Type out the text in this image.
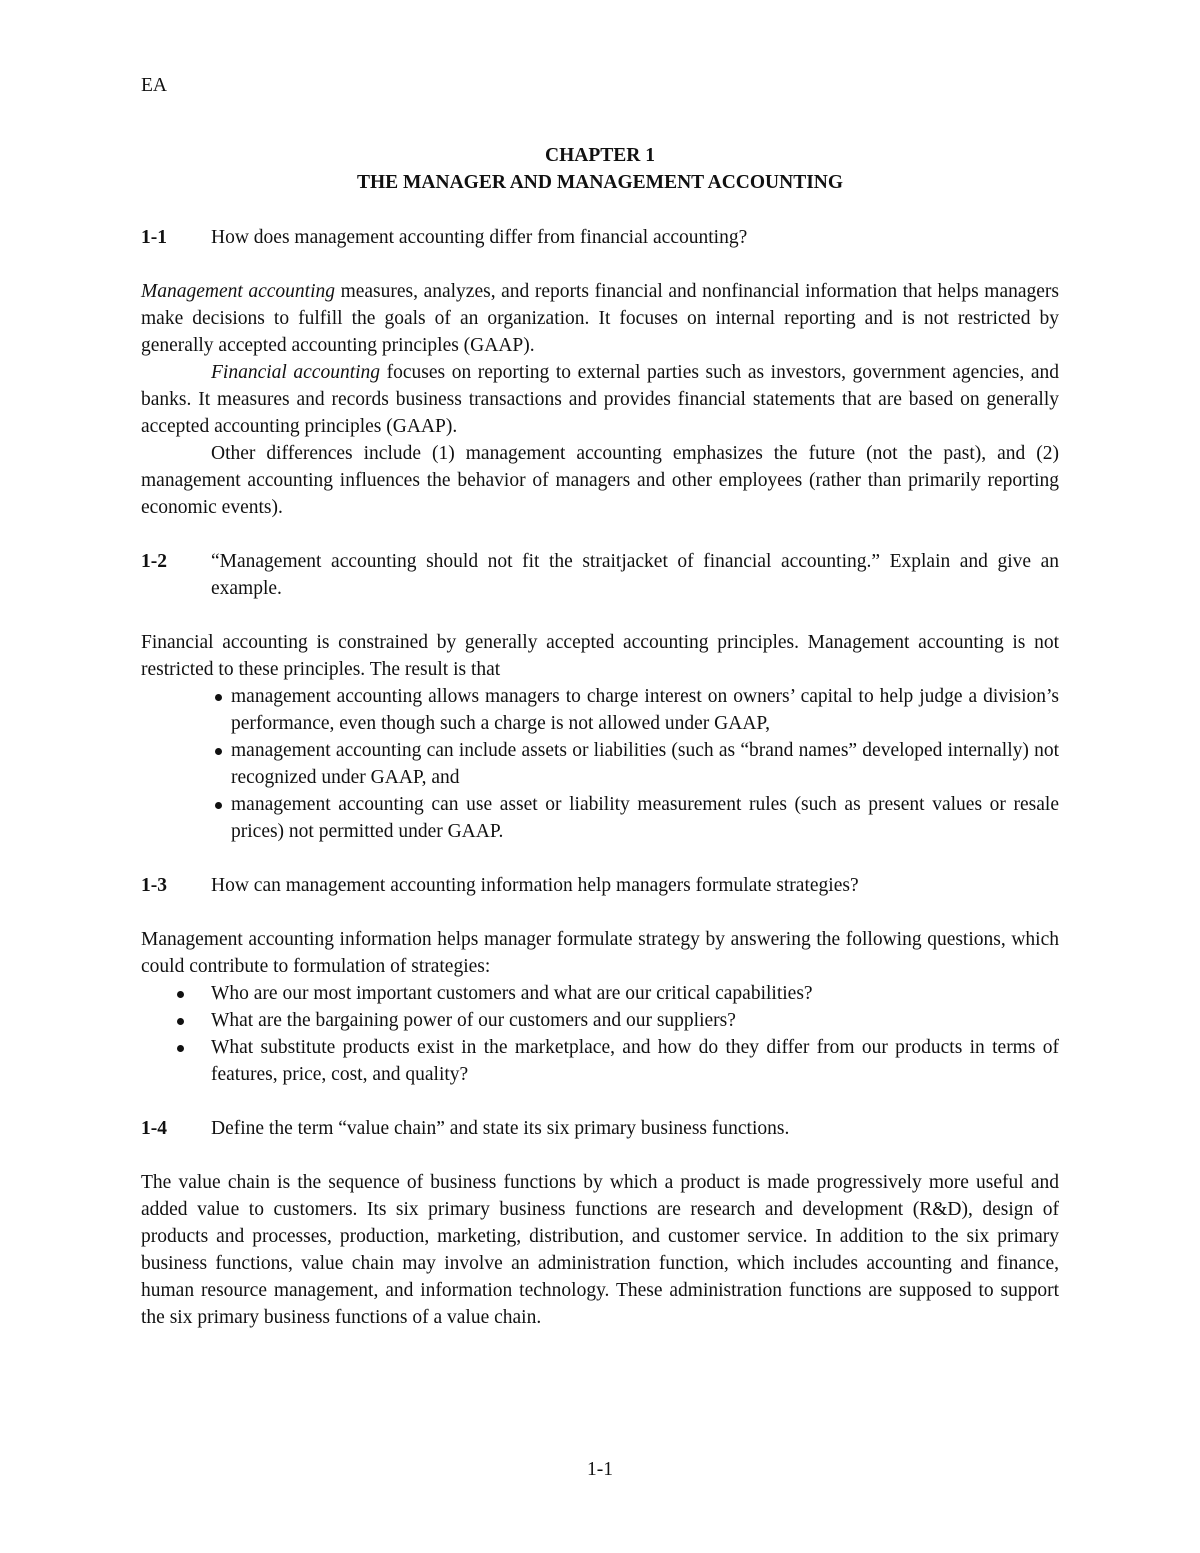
EA

CHAPTER 1
THE MANAGER AND MANAGEMENT ACCOUNTING
1-1	How does management accounting differ from financial accounting?

Management accounting measures, analyzes, and reports financial and nonfinancial information that helps managers make decisions to fulfill the goals of an organization. It focuses on internal reporting and is not restricted by generally accepted accounting principles (GAAP).

Financial accounting focuses on reporting to external parties such as investors, government agencies, and banks. It measures and records business transactions and provides financial statements that are based on generally accepted accounting principles (GAAP).

Other differences include (1) management accounting emphasizes the future (not the past), and (2) management accounting influences the behavior of managers and other employees (rather than primarily reporting economic events).

1-2	“Management accounting should not fit the straitjacket of financial accounting.” Explain and give an example.

Financial accounting is constrained by generally accepted accounting principles. Management accounting is not restricted to these principles. The result is that

management accounting allows managers to charge interest on owners’ capital to help judge a division’s performance, even though such a charge is not allowed under GAAP,
management accounting can include assets or liabilities (such as “brand names” developed internally) not recognized under GAAP, and
management accounting can use asset or liability measurement rules (such as present values or resale prices) not permitted under GAAP.
1-3	How can management accounting information help managers formulate strategies?

Management accounting information helps manager formulate strategy by answering the following questions, which could contribute to formulation of strategies:

Who are our most important customers and what are our critical capabilities?
What are the bargaining power of our customers and our suppliers?
What substitute products exist in the marketplace, and how do they differ from our products in terms of features, price, cost, and quality?
1-4	Define the term “value chain” and state its six primary business functions.

The value chain is the sequence of business functions by which a product is made progressively more useful and added value to customers. Its six primary business functions are research and development (R&D), design of products and processes, production, marketing, distribution, and customer service. In addition to the six primary business functions, value chain may involve an administration function, which includes accounting and finance, human resource management, and information technology. These administration functions are supposed to support the six primary business functions of a value chain.

1-1
